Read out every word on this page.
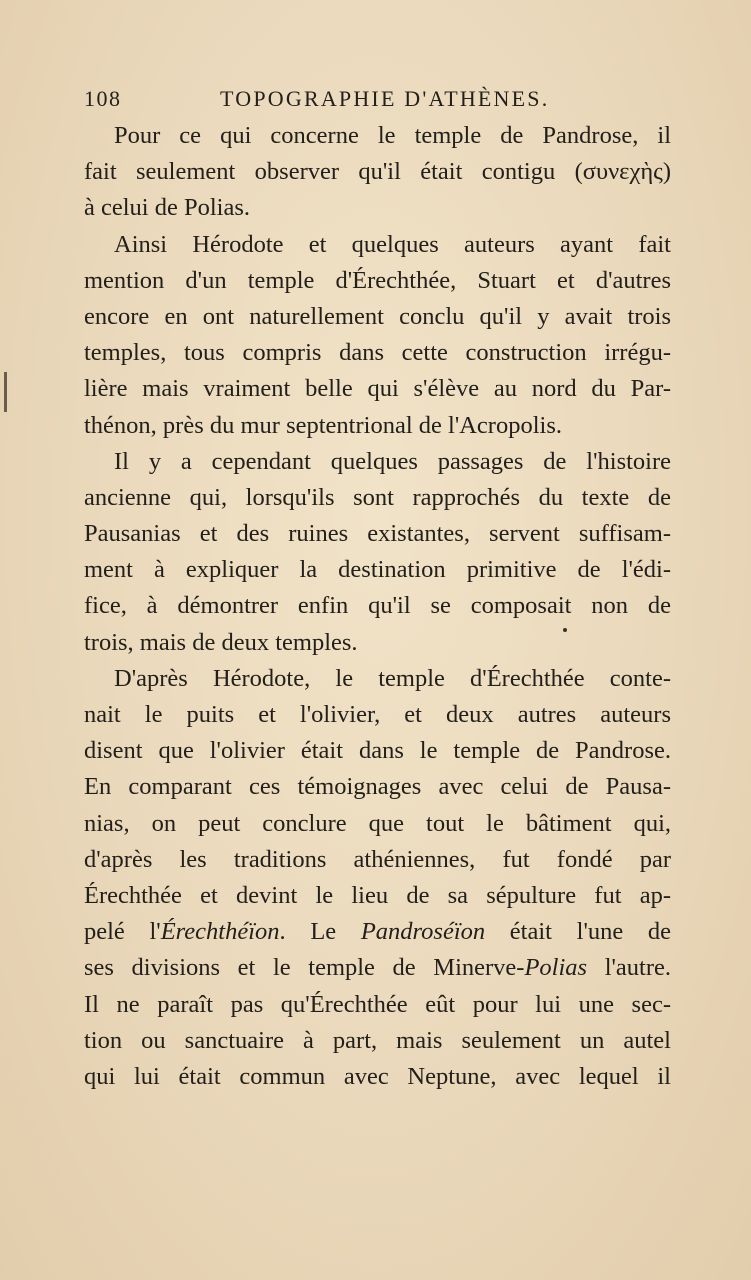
108	TOPOGRAPHIE D'ATHÈNES.
Pour ce qui concerne le temple de Pandrose, il
fait seulement observer qu'il était contigu (συνεχὴς)
à celui de Polias.
Ainsi Hérodote et quelques auteurs ayant fait
mention d'un temple d'Érechthée, Stuart et d'autres
encore en ont naturellement conclu qu'il y avait trois
temples, tous compris dans cette construction irrégu-
lière mais vraiment belle qui s'élève au nord du Par-
thénon, près du mur septentrional de l'Acropolis.
Il y a cependant quelques passages de l'histoire
ancienne qui, lorsqu'ils sont rapprochés du texte de
Pausanias et des ruines existantes, servent suffisam-
ment à expliquer la destination primitive de l'édi-
fice, à démontrer enfin qu'il se composait non de
trois, mais de deux temples.
D'après Hérodote, le temple d'Érechthée conte-
nait le puits et l'olivier, et deux autres auteurs
disent que l'olivier était dans le temple de Pandrose.
En comparant ces témoignages avec celui de Pausa-
nias, on peut conclure que tout le bâtiment qui,
d'après les traditions athéniennes, fut fondé par
Érechthée et devint le lieu de sa sépulture fut ap-
pelé l'Érechthéïon. Le Pandroséïon était l'une de
ses divisions et le temple de Minerve-Polias l'autre.
Il ne paraît pas qu'Érechthée eût pour lui une sec-
tion ou sanctuaire à part, mais seulement un autel
qui lui était commun avec Neptune, avec lequel il
